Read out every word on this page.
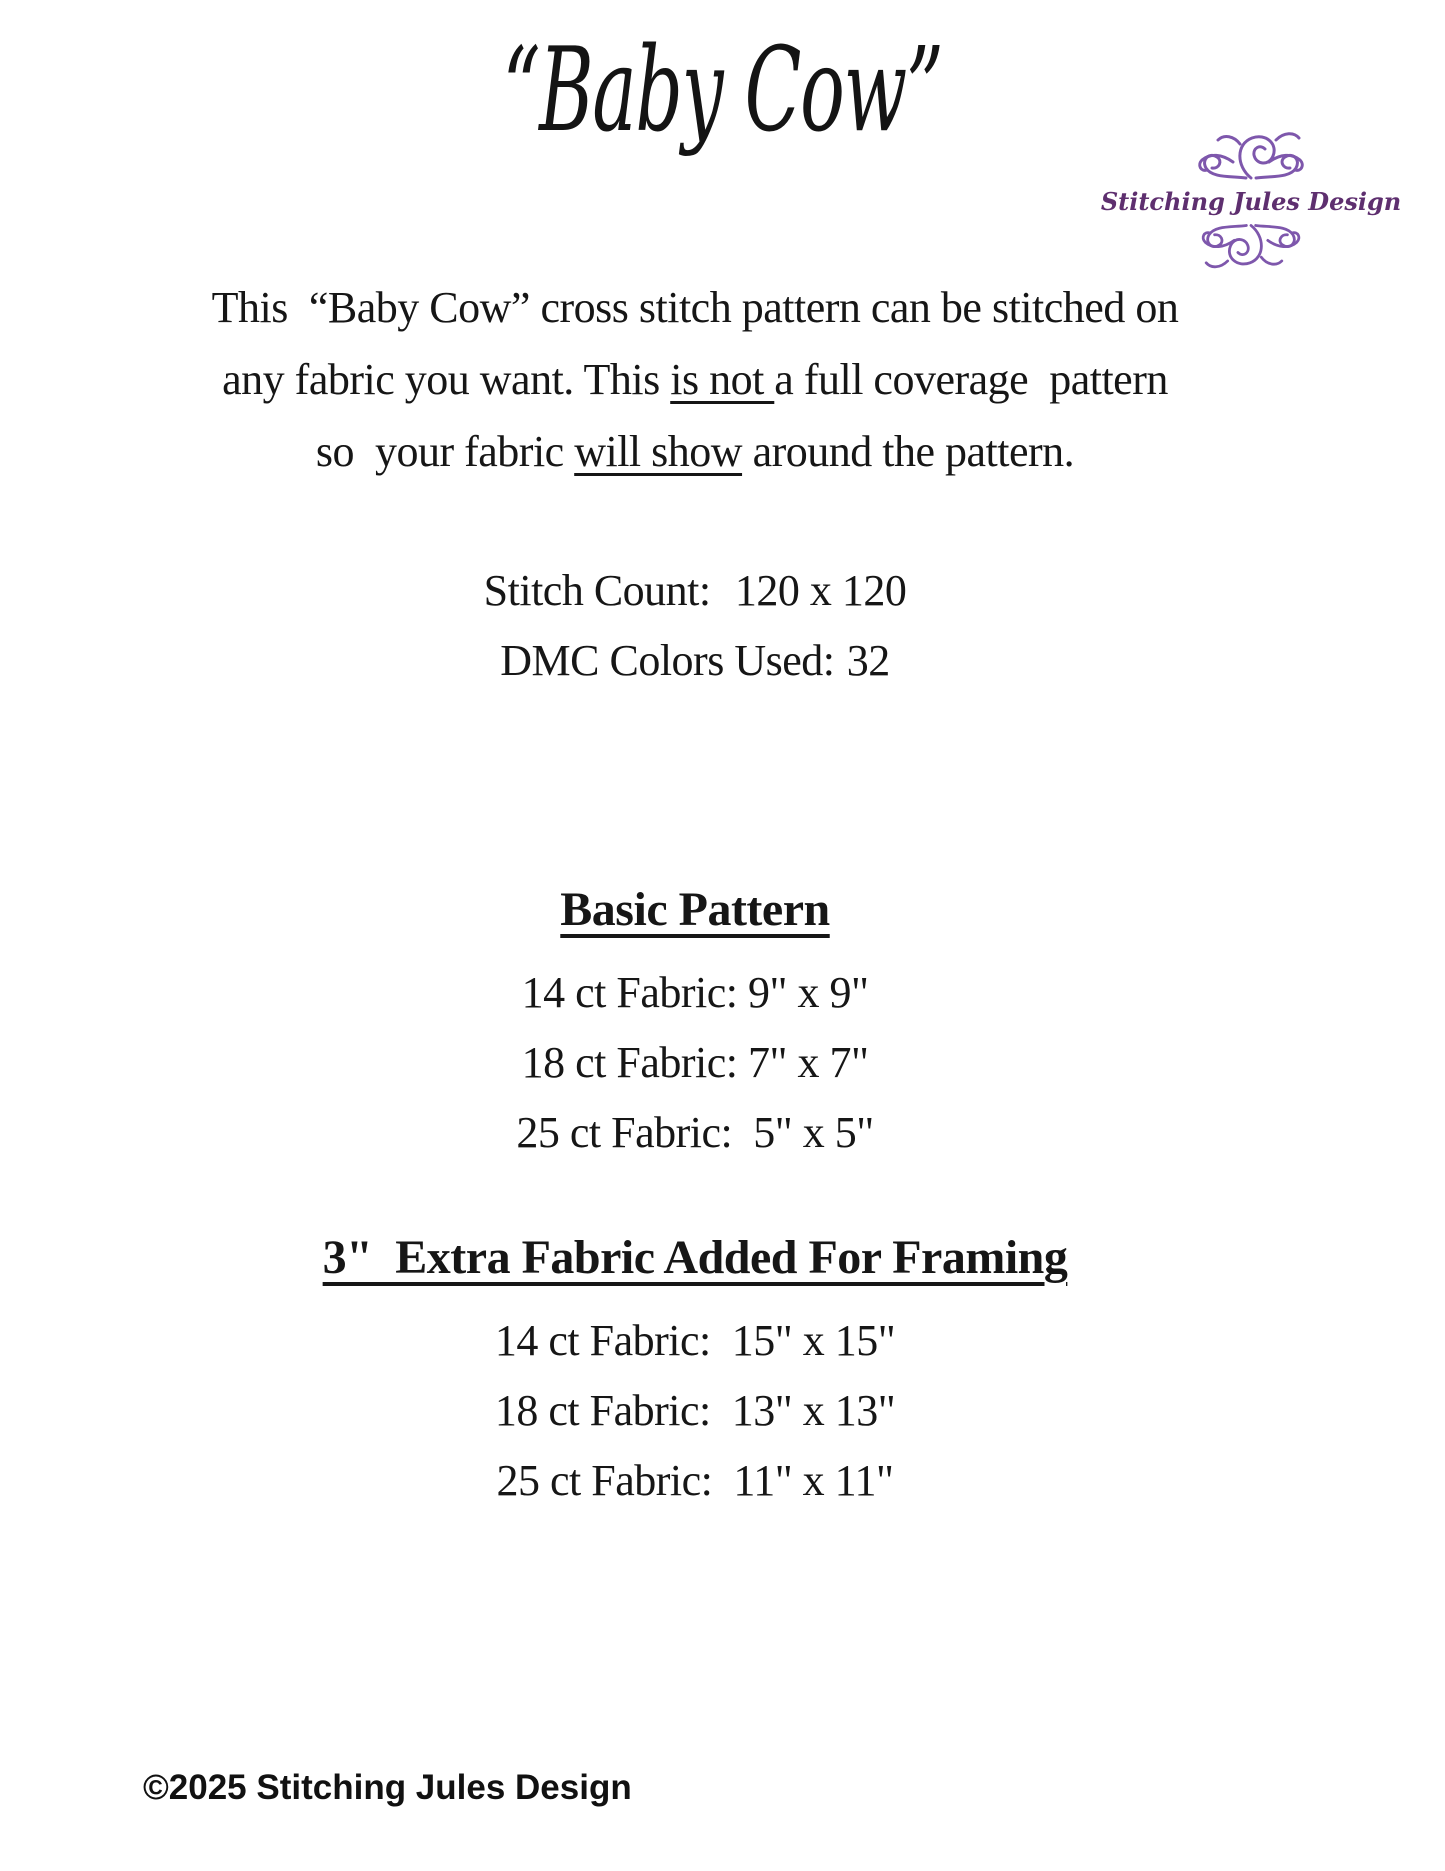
“Baby Cow”
Stitching Jules Design
This  “Baby Cow” cross stitch pattern can be stitched on
any fabric you want. This is not a full coverage  pattern
so  your fabric will show around the pattern.
Stitch Count: 120 x 120
DMC Colors Used: 32
Basic Pattern
14 ct Fabric: 9" x 9"
18 ct Fabric: 7" x 7"
25 ct Fabric:  5" x 5"
3"  Extra Fabric Added For Framing
14 ct Fabric:  15" x 15"
18 ct Fabric:  13" x 13"
25 ct Fabric:  11" x 11"
©2025 Stitching Jules Design
